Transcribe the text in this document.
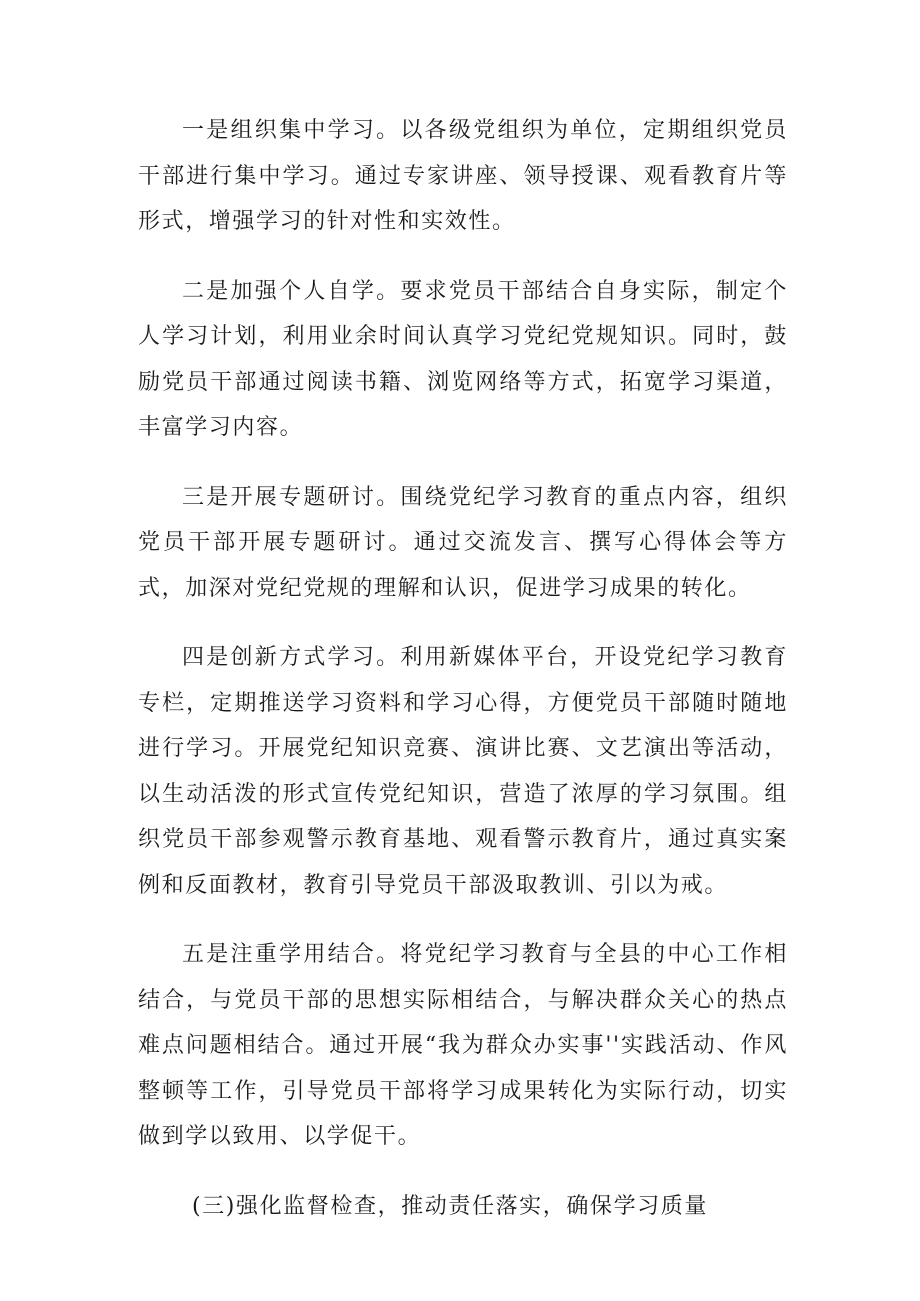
一是组织集中学习。以各级党组织为单位，定期组织党员干部进行集中学习。通过专家讲座、领导授课、观看教育片等形式，增强学习的针对性和实效性。

二是加强个人自学。要求党员干部结合自身实际，制定个人学习计划，利用业余时间认真学习党纪党规知识。同时，鼓励党员干部通过阅读书籍、浏览网络等方式，拓宽学习渠道，丰富学习内容。

三是开展专题研讨。围绕党纪学习教育的重点内容，组织党员干部开展专题研讨。通过交流发言、撰写心得体会等方式，加深对党纪党规的理解和认识，促进学习成果的转化。

四是创新方式学习。利用新媒体平台，开设党纪学习教育专栏，定期推送学习资料和学习心得，方便党员干部随时随地进行学习。开展党纪知识竞赛、演讲比赛、文艺演出等活动，以生动活泼的形式宣传党纪知识，营造了浓厚的学习氛围。组织党员干部参观警示教育基地、观看警示教育片，通过真实案例和反面教材，教育引导党员干部汲取教训、引以为戒。

五是注重学用结合。将党纪学习教育与全县的中心工作相结合，与党员干部的思想实际相结合，与解决群众关心的热点难点问题相结合。通过开展“我为群众办实事''实践活动、作风整顿等工作，引导党员干部将学习成果转化为实际行动，切实做到学以致用、以学促干。

(三)强化监督检查，推动责任落实，确保学习质量
